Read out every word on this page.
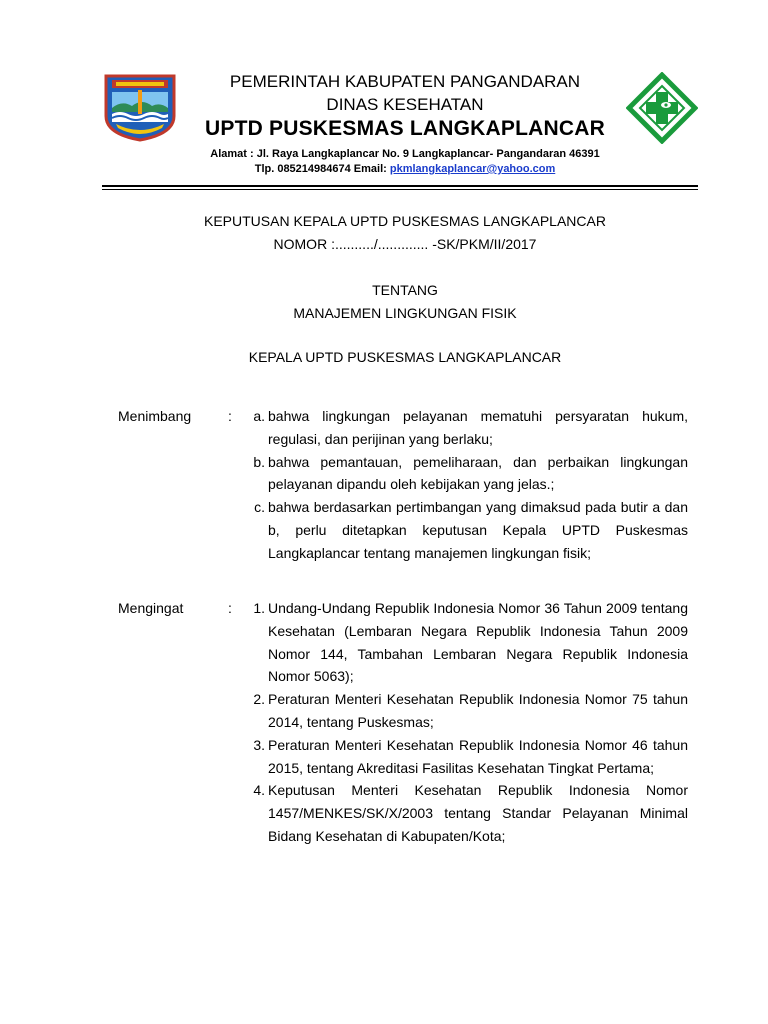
PEMERINTAH KABUPATEN PANGANDARAN
DINAS KESEHATAN
UPTD PUSKESMAS LANGKAPLANCAR
Alamat : Jl. Raya Langkaplancar No. 9 Langkaplancar- Pangandaran 46391
Tlp. 085214984674 Email: pkmlangkaplancar@yahoo.com
KEPUTUSAN KEPALA UPTD PUSKESMAS LANGKAPLANCAR
NOMOR :........../............. -SK/PKM/II/2017
TENTANG
MANAJEMEN LINGKUNGAN FISIK
KEPALA UPTD PUSKESMAS LANGKAPLANCAR
Menimbang	:	a. bahwa lingkungan pelayanan mematuhi persyaratan hukum, regulasi, dan perijinan yang berlaku;
b. bahwa pemantauan, pemeliharaan, dan perbaikan lingkungan pelayanan dipandu oleh kebijakan yang jelas.;
c. bahwa berdasarkan pertimbangan yang dimaksud pada butir a dan b, perlu ditetapkan keputusan Kepala UPTD Puskesmas Langkaplancar tentang manajemen lingkungan fisik;
Mengingat	:	1. Undang-Undang Republik Indonesia Nomor 36 Tahun 2009 tentang Kesehatan (Lembaran Negara Republik Indonesia Tahun 2009 Nomor 144, Tambahan Lembaran Negara Republik Indonesia Nomor 5063);
2. Peraturan Menteri Kesehatan Republik Indonesia Nomor 75 tahun 2014, tentang Puskesmas;
3. Peraturan Menteri Kesehatan Republik Indonesia Nomor 46 tahun 2015, tentang Akreditasi Fasilitas Kesehatan Tingkat Pertama;
4. Keputusan Menteri Kesehatan Republik Indonesia Nomor 1457/MENKES/SK/X/2003 tentang Standar Pelayanan Minimal Bidang Kesehatan di Kabupaten/Kota;
